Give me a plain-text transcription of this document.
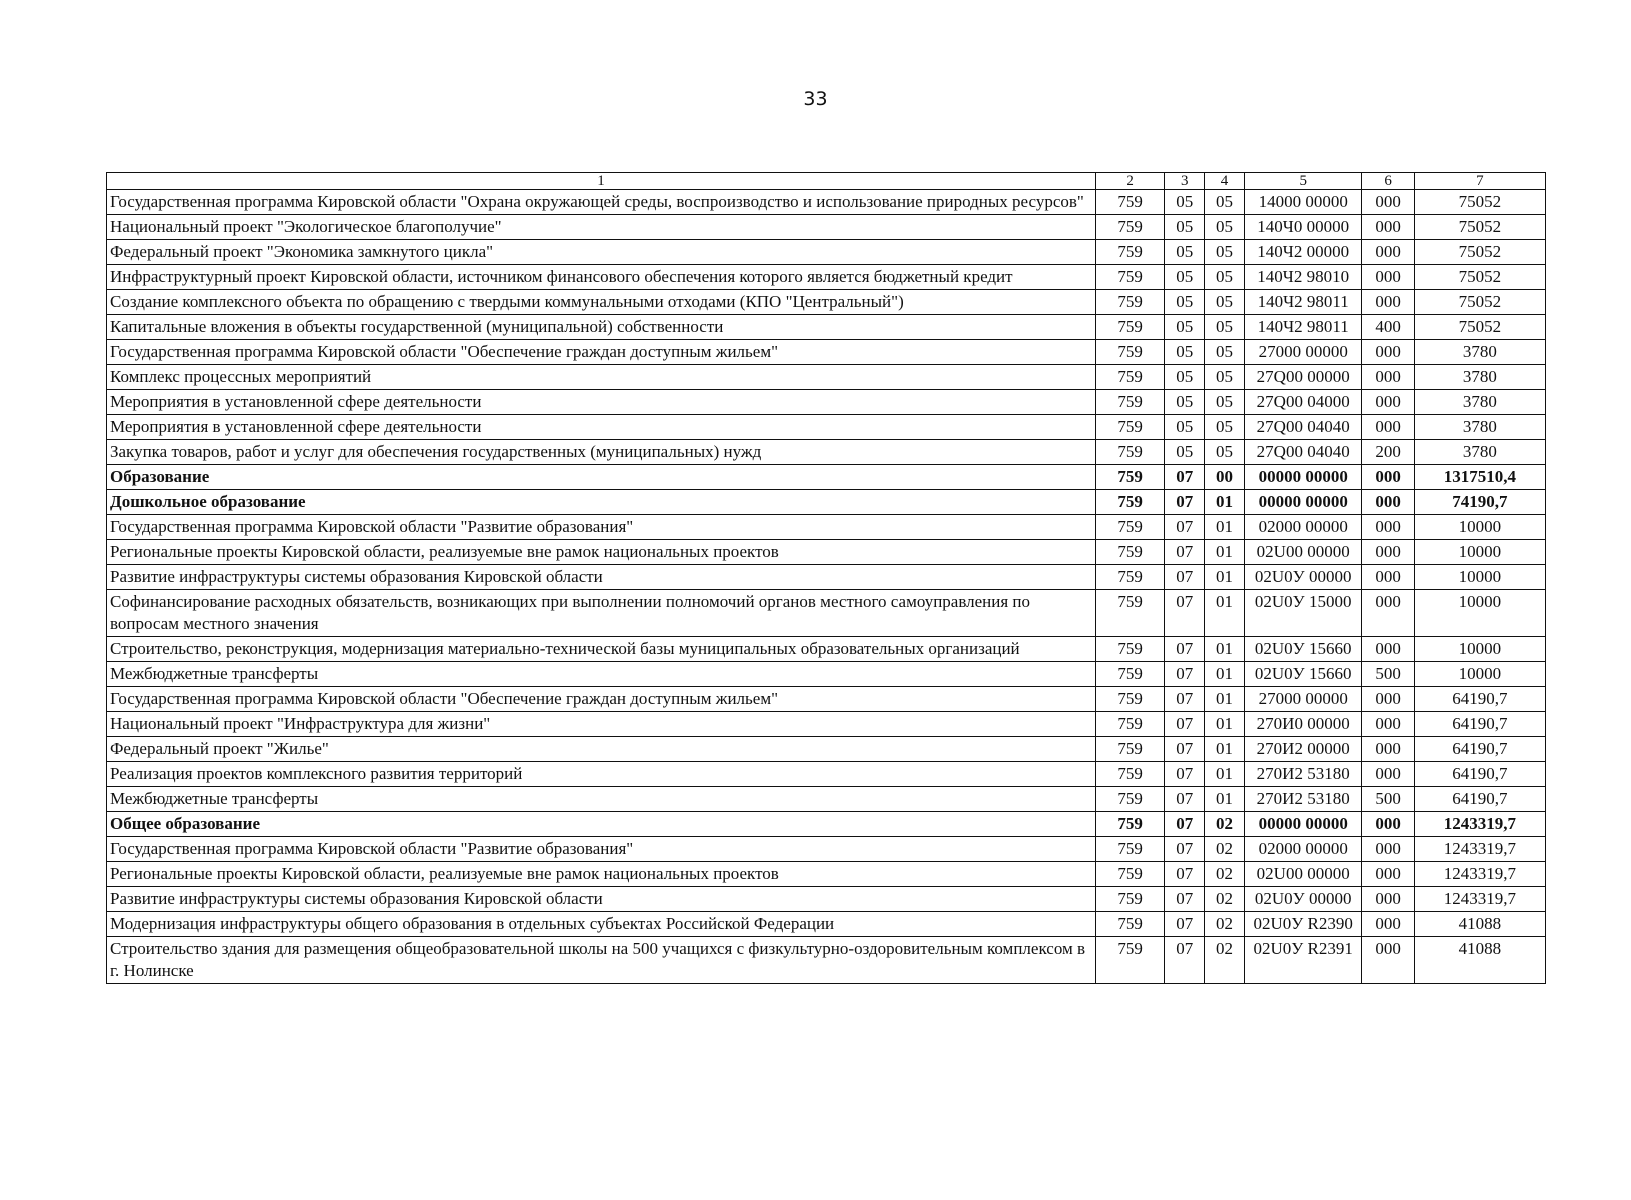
33
1	2	3	4	5	6	7
Государственная программа Кировской области "Охрана окружающей среды, воспроизводство и использование природных ресурсов"	759	05	05	14000 00000	000	75052
Национальный проект "Экологическое благополучие"	759	05	05	140Ч0 00000	000	75052
Федеральный проект "Экономика замкнутого цикла"	759	05	05	140Ч2 00000	000	75052
Инфраструктурный проект Кировской области, источником финансового обеспечения которого является бюджетный кредит	759	05	05	140Ч2 98010	000	75052
Создание комплексного объекта по обращению с твердыми коммунальными отходами (КПО "Центральный")	759	05	05	140Ч2 98011	000	75052
Капитальные вложения в объекты государственной (муниципальной) собственности	759	05	05	140Ч2 98011	400	75052
Государственная программа Кировской области "Обеспечение граждан доступным жильем"	759	05	05	27000 00000	000	3780
Комплекс процессных мероприятий	759	05	05	27Q00 00000	000	3780
Мероприятия в установленной сфере деятельности	759	05	05	27Q00 04000	000	3780
Мероприятия в установленной сфере деятельности	759	05	05	27Q00 04040	000	3780
Закупка товаров, работ и услуг для обеспечения государственных (муниципальных) нужд	759	05	05	27Q00 04040	200	3780
Образование	759	07	00	00000 00000	000	1317510,4
Дошкольное образование	759	07	01	00000 00000	000	74190,7
Государственная программа Кировской области "Развитие образования"	759	07	01	02000 00000	000	10000
Региональные проекты Кировской области, реализуемые вне рамок национальных проектов	759	07	01	02U00 00000	000	10000
Развитие инфраструктуры системы образования Кировской области	759	07	01	02U0У 00000	000	10000
Софинансирование расходных обязательств, возникающих при выполнении полномочий органов местного самоуправления по вопросам местного значения	759	07	01	02U0У 15000	000	10000
Строительство, реконструкция, модернизация материально-технической базы муниципальных образовательных организаций	759	07	01	02U0У 15660	000	10000
Межбюджетные трансферты	759	07	01	02U0У 15660	500	10000
Государственная программа Кировской области "Обеспечение граждан доступным жильем"	759	07	01	27000 00000	000	64190,7
Национальный проект "Инфраструктура для жизни"	759	07	01	270И0 00000	000	64190,7
Федеральный проект "Жилье"	759	07	01	270И2 00000	000	64190,7
Реализация проектов комплексного развития территорий	759	07	01	270И2 53180	000	64190,7
Межбюджетные трансферты	759	07	01	270И2 53180	500	64190,7
Общее образование	759	07	02	00000 00000	000	1243319,7
Государственная программа Кировской области "Развитие образования"	759	07	02	02000 00000	000	1243319,7
Региональные проекты Кировской области, реализуемые вне рамок национальных проектов	759	07	02	02U00 00000	000	1243319,7
Развитие инфраструктуры системы образования Кировской области	759	07	02	02U0У 00000	000	1243319,7
Модернизация инфраструктуры общего образования в отдельных субъектах Российской Федерации	759	07	02	02U0У R2390	000	41088
Строительство здания для размещения общеобразовательной школы на 500 учащихся с физкультурно-оздоровительным комплексом в г. Нолинске	759	07	02	02U0У R2391	000	41088
